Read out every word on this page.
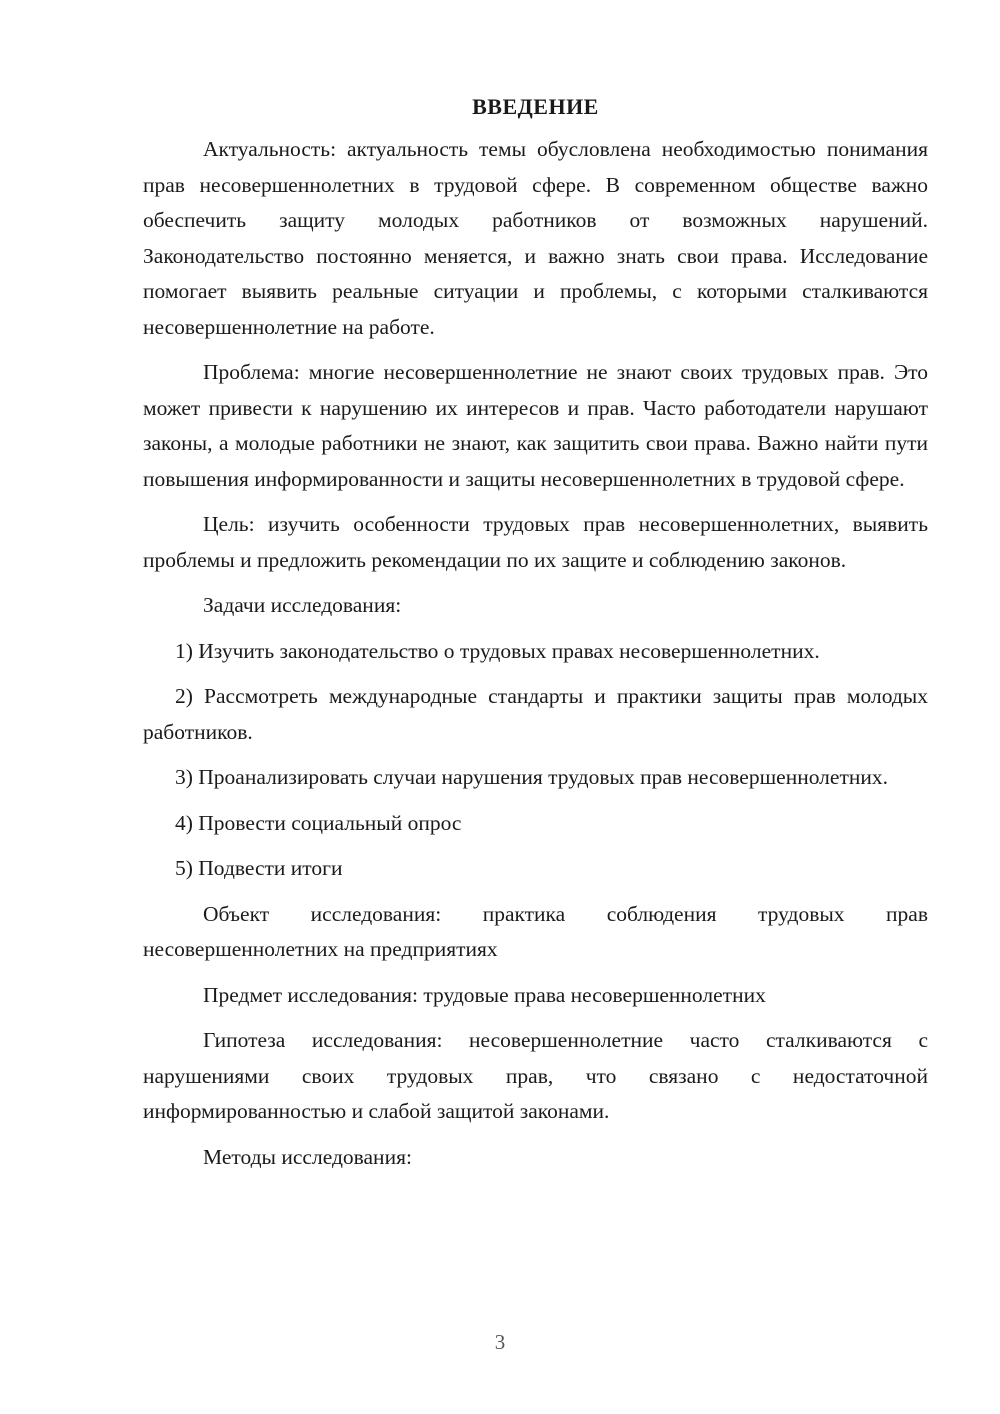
ВВЕДЕНИЕ

Актуальность: актуальность темы обусловлена необходимостью понимания прав несовершеннолетних в трудовой сфере. В современном обществе важно обеспечить защиту молодых работников от возможных нарушений. Законодательство постоянно меняется, и важно знать свои права. Исследование помогает выявить реальные ситуации и проблемы, с которыми сталкиваются несовершеннолетние на работе.

Проблема: многие несовершеннолетние не знают своих трудовых прав. Это может привести к нарушению их интересов и прав. Часто работодатели нарушают законы, а молодые работники не знают, как защитить свои права. Важно найти пути повышения информированности и защиты несовершеннолетних в трудовой сфере.

Цель: изучить особенности трудовых прав несовершеннолетних, выявить проблемы и предложить рекомендации по их защите и соблюдению законов.

Задачи исследования:

1) Изучить законодательство о трудовых правах несовершеннолетних.

2) Рассмотреть международные стандарты и практики защиты прав молодых работников.

3) Проанализировать случаи нарушения трудовых прав несовершеннолетних.

4) Провести социальный опрос

5) Подвести итоги

Объект исследования: практика соблюдения трудовых прав несовершеннолетних на предприятиях

Предмет исследования: трудовые права несовершеннолетних

Гипотеза исследования: несовершеннолетние часто сталкиваются с нарушениями своих трудовых прав, что связано с недостаточной информированностью и слабой защитой законами.

Методы исследования:

3
